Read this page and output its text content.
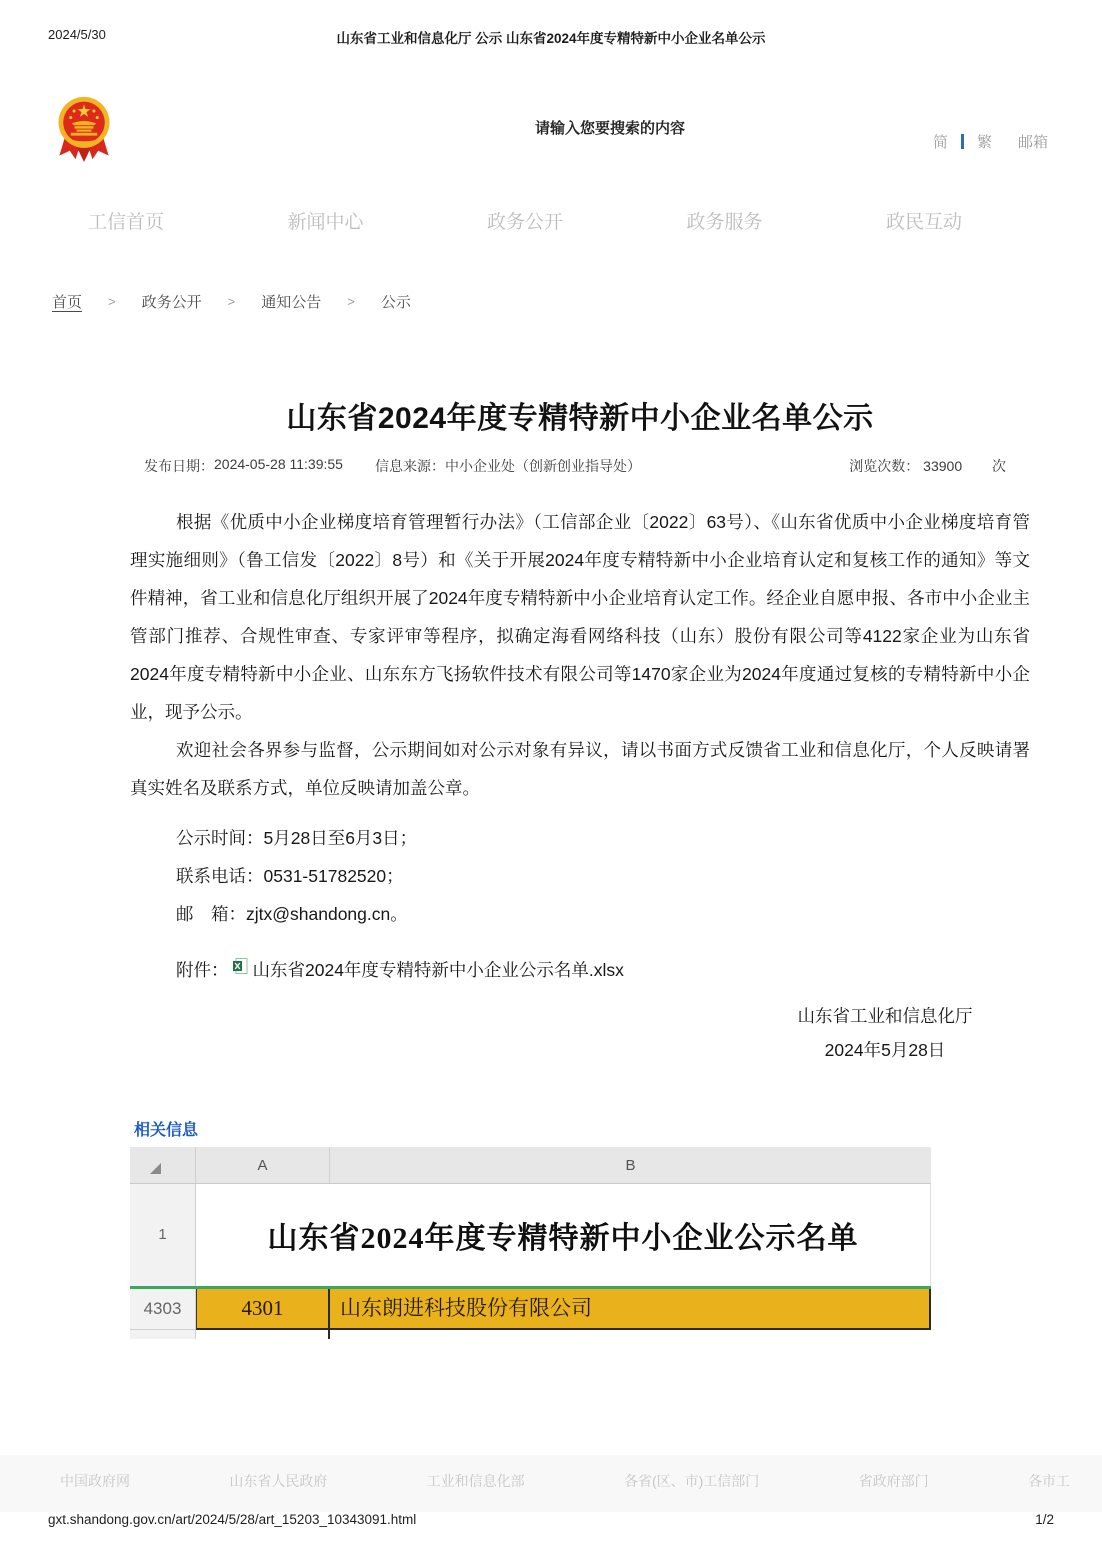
2024/5/30	山东省工业和信息化厅 公示 山东省2024年度专精特新中小企业名单公示
请输入您要搜索的内容
简 繁 邮箱
工信首页	新闻中心	政务公开	政务服务	政民互动
首页 > 政务公开 > 通知公告 > 公示
山东省2024年度专精特新中小企业名单公示
发布日期： 2024-05-28 11:39:55 信息来源： 中小企业处（创新创业指导处）	浏览次数： 33900 次

根据《优质中小企业梯度培育管理暂行办法》（工信部企业〔2022〕63号）、《山东省优质中小企业梯度培育管理实施细则》（鲁工信发〔2022〕8号）和《关于开展2024年度专精特新中小企业培育认定和复核工作的通知》等文件精神，省工业和信息化厅组织开展了2024年度专精特新中小企业培育认定工作。经企业自愿申报、各市中小企业主管部门推荐、合规性审查、专家评审等程序，拟确定海看网络科技（山东）股份有限公司等4122家企业为山东省2024年度专精特新中小企业、山东东方飞扬软件技术有限公司等1470家企业为2024年度通过复核的专精特新中小企业，现予公示。

欢迎社会各界参与监督，公示期间如对公示对象有异议，请以书面方式反馈省工业和信息化厅，个人反映请署真实姓名及联系方式，单位反映请加盖公章。

公示时间：5月28日至6月3日；
联系电话：0531-51782520；
邮　箱：zjtx@shandong.cn。
附件： 山东省2024年度专精特新中小企业公示名单.xlsx
山东省工业和信息化厅
2024年5月28日
相关信息
A	B
1	山东省2024年度专精特新中小企业公示名单
4303	4301	山东朗进科技股份有限公司
中国政府网	山东省人民政府	工业和信息化部	各省(区、市)工信部门	省政府部门	各市工
gxt.shandong.gov.cn/art/2024/5/28/art_15203_10343091.html	1/2
